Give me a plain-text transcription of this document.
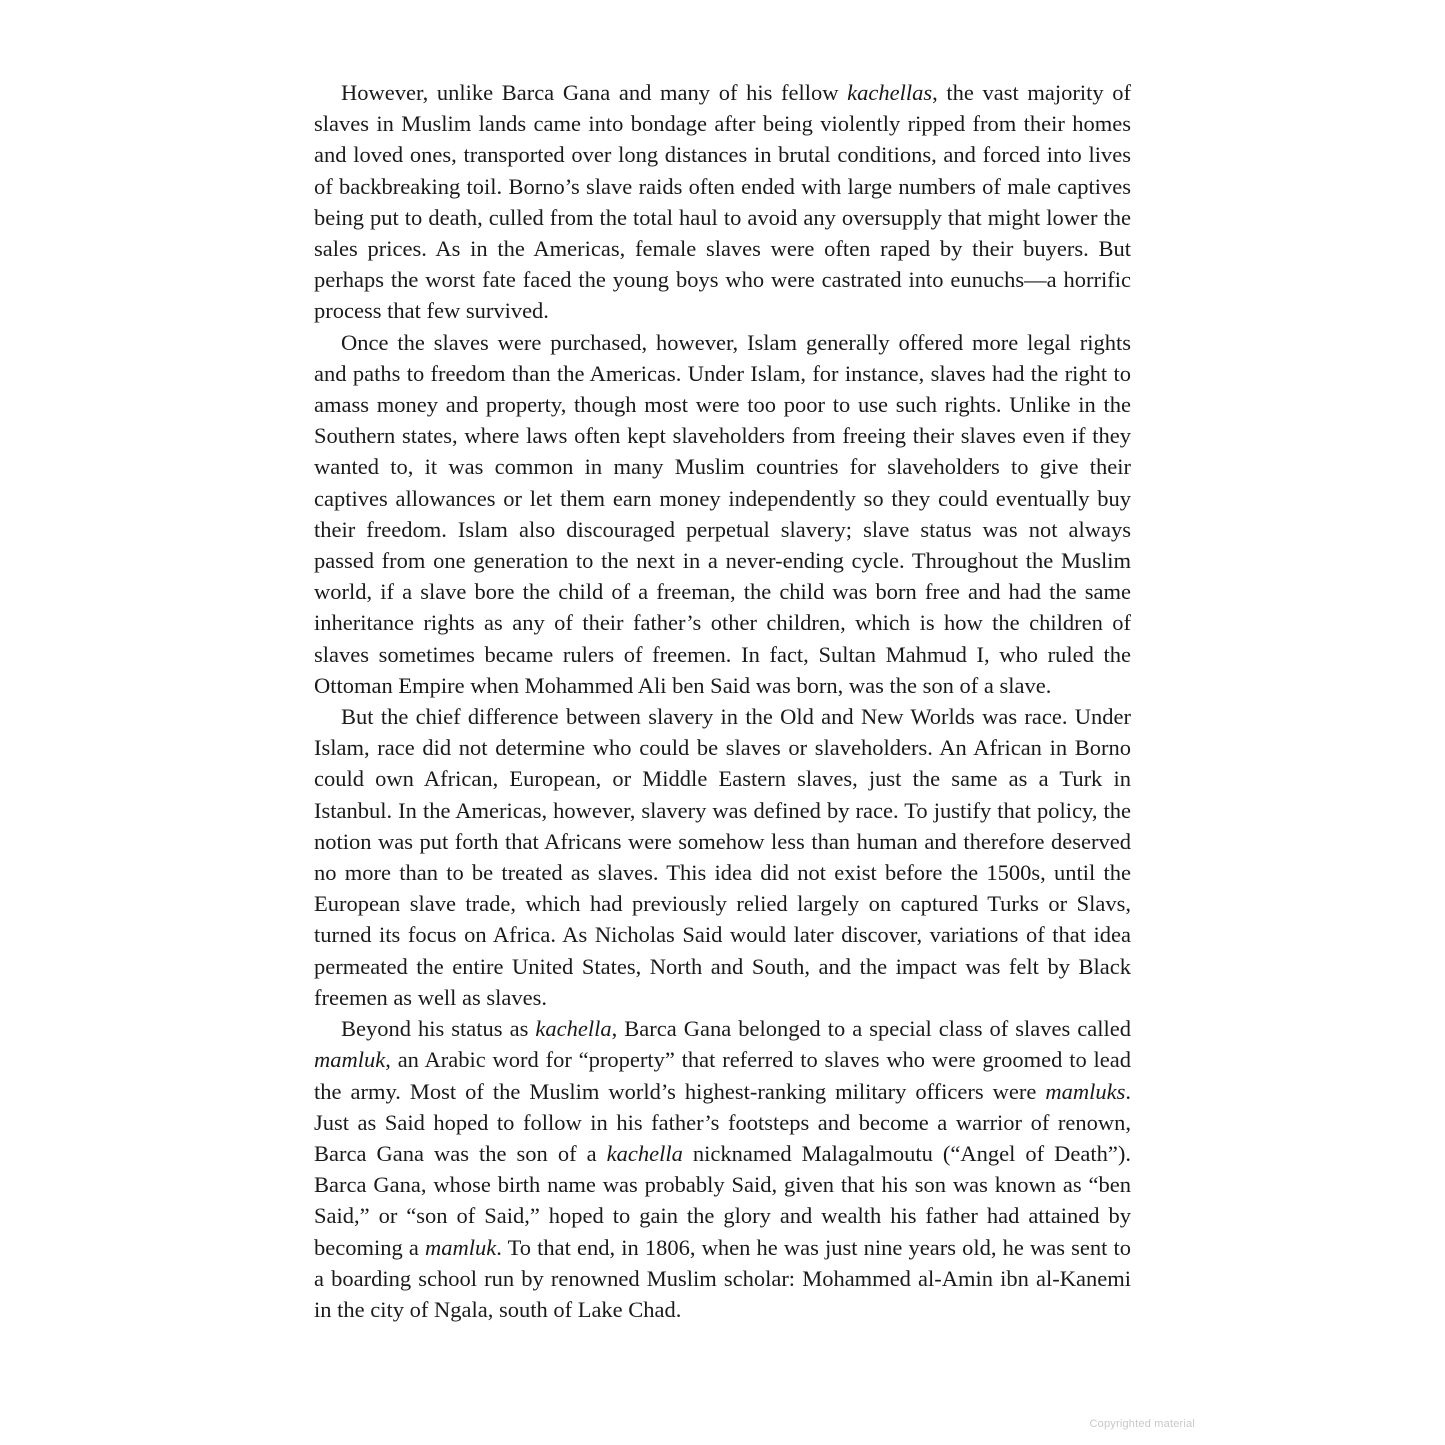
However, unlike Barca Gana and many of his fellow kachellas, the vast majority of slaves in Muslim lands came into bondage after being violently ripped from their homes and loved ones, transported over long distances in brutal conditions, and forced into lives of backbreaking toil. Borno’s slave raids often ended with large numbers of male captives being put to death, culled from the total haul to avoid any oversupply that might lower the sales prices. As in the Americas, female slaves were often raped by their buyers. But perhaps the worst fate faced the young boys who were castrated into eunuchs—a horrific process that few survived.

Once the slaves were purchased, however, Islam generally offered more legal rights and paths to freedom than the Americas. Under Islam, for instance, slaves had the right to amass money and property, though most were too poor to use such rights. Unlike in the Southern states, where laws often kept slaveholders from freeing their slaves even if they wanted to, it was common in many Muslim countries for slaveholders to give their captives allowances or let them earn money independently so they could eventually buy their freedom. Islam also discouraged perpetual slavery; slave status was not always passed from one generation to the next in a never-ending cycle. Throughout the Muslim world, if a slave bore the child of a freeman, the child was born free and had the same inheritance rights as any of their father’s other children, which is how the children of slaves sometimes became rulers of freemen. In fact, Sultan Mahmud I, who ruled the Ottoman Empire when Mohammed Ali ben Said was born, was the son of a slave.

But the chief difference between slavery in the Old and New Worlds was race. Under Islam, race did not determine who could be slaves or slaveholders. An African in Borno could own African, European, or Middle Eastern slaves, just the same as a Turk in Istanbul. In the Americas, however, slavery was defined by race. To justify that policy, the notion was put forth that Africans were somehow less than human and therefore deserved no more than to be treated as slaves. This idea did not exist before the 1500s, until the European slave trade, which had previously relied largely on captured Turks or Slavs, turned its focus on Africa. As Nicholas Said would later discover, variations of that idea permeated the entire United States, North and South, and the impact was felt by Black freemen as well as slaves.

Beyond his status as kachella, Barca Gana belonged to a special class of slaves called mamluk, an Arabic word for “property” that referred to slaves who were groomed to lead the army. Most of the Muslim world’s highest-ranking military officers were mamluks. Just as Said hoped to follow in his father’s footsteps and become a warrior of renown, Barca Gana was the son of a kachella nicknamed Malagalmoutu (“Angel of Death”). Barca Gana, whose birth name was probably Said, given that his son was known as “ben Said,” or “son of Said,” hoped to gain the glory and wealth his father had attained by becoming a mamluk. To that end, in 1806, when he was just nine years old, he was sent to a boarding school run by renowned Muslim scholar: Mohammed al-Amin ibn al-Kanemi in the city of Ngala, south of Lake Chad.

Copyrighted material
